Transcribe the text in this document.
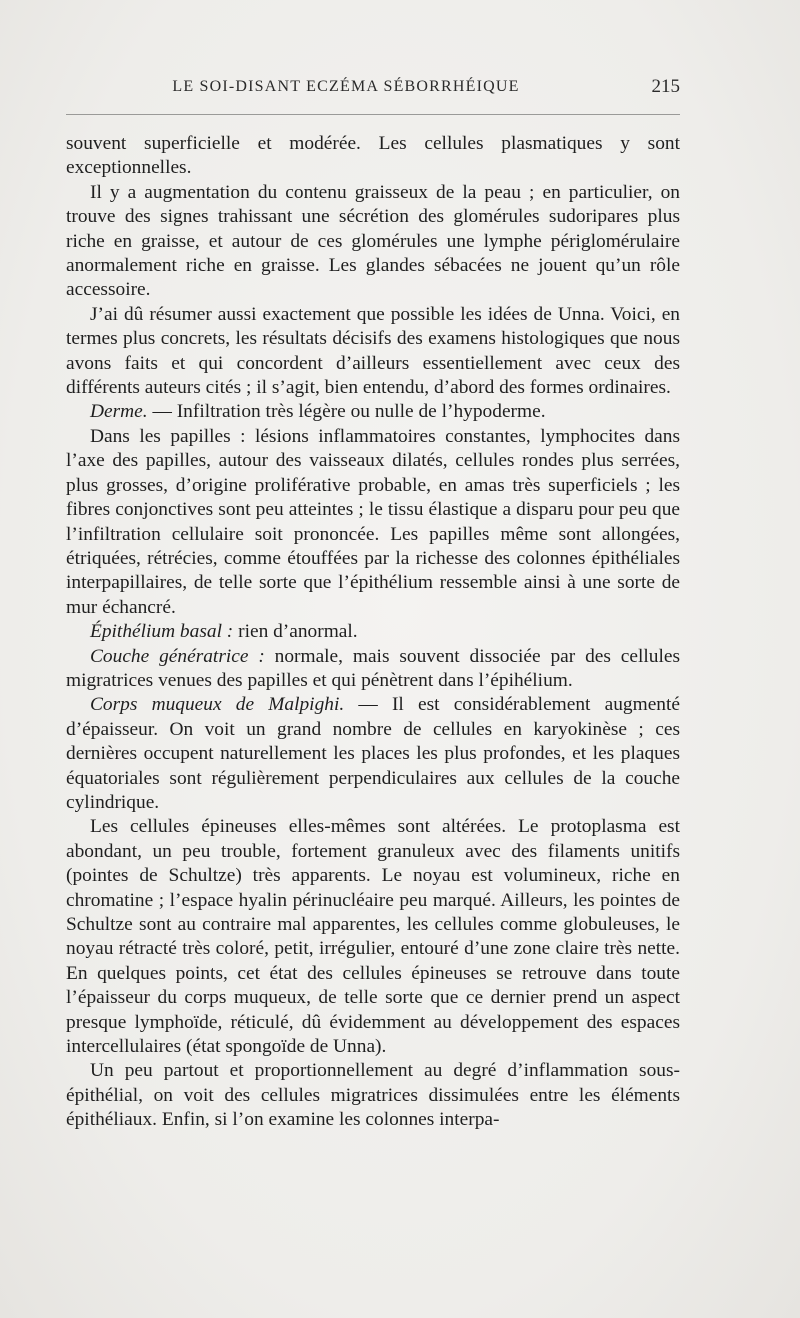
LE SOI-DISANT ECZÉMA SÉBORRHÉIQUE	215

souvent superficielle et modérée. Les cellules plasmatiques y sont exceptionnelles.

Il y a augmentation du contenu graisseux de la peau ; en particulier, on trouve des signes trahissant une sécrétion des glomérules sudoripares plus riche en graisse, et autour de ces glomérules une lymphe périglomérulaire anormalement riche en graisse. Les glandes sébacées ne jouent qu’un rôle accessoire.

J’ai dû résumer aussi exactement que possible les idées de Unna. Voici, en termes plus concrets, les résultats décisifs des examens histologiques que nous avons faits et qui concordent d’ailleurs essentiellement avec ceux des différents auteurs cités ; il s’agit, bien entendu, d’abord des formes ordinaires.

Derme. — Infiltration très légère ou nulle de l’hypoderme.

Dans les papilles : lésions inflammatoires constantes, lymphocites dans l’axe des papilles, autour des vaisseaux dilatés, cellules rondes plus serrées, plus grosses, d’origine proliférative probable, en amas très superficiels ; les fibres conjonctives sont peu atteintes ; le tissu élastique a disparu pour peu que l’infiltration cellulaire soit prononcée. Les papilles même sont allongées, étriquées, rétrécies, comme étouffées par la richesse des colonnes épithéliales interpapillaires, de telle sorte que l’épithélium ressemble ainsi à une sorte de mur échancré.

Épithélium basal : rien d’anormal.

Couche génératrice : normale, mais souvent dissociée par des cellules migratrices venues des papilles et qui pénètrent dans l’épihélium.

Corps muqueux de Malpighi. — Il est considérablement augmenté d’épaisseur. On voit un grand nombre de cellules en karyokinèse ; ces dernières occupent naturellement les places les plus profondes, et les plaques équatoriales sont régulièrement perpendiculaires aux cellules de la couche cylindrique.

Les cellules épineuses elles-mêmes sont altérées. Le protoplasma est abondant, un peu trouble, fortement granuleux avec des filaments unitifs (pointes de Schultze) très apparents. Le noyau est volumineux, riche en chromatine ; l’espace hyalin périnucléaire peu marqué. Ailleurs, les pointes de Schultze sont au contraire mal apparentes, les cellules comme globuleuses, le noyau rétracté très coloré, petit, irrégulier, entouré d’une zone claire très nette. En quelques points, cet état des cellules épineuses se retrouve dans toute l’épaisseur du corps muqueux, de telle sorte que ce dernier prend un aspect presque lymphoïde, réticulé, dû évidemment au développement des espaces intercellulaires (état spongoïde de Unna).

Un peu partout et proportionnellement au degré d’inflammation sous-épithélial, on voit des cellules migratrices dissimulées entre les éléments épithéliaux. Enfin, si l’on examine les colonnes interpa-
